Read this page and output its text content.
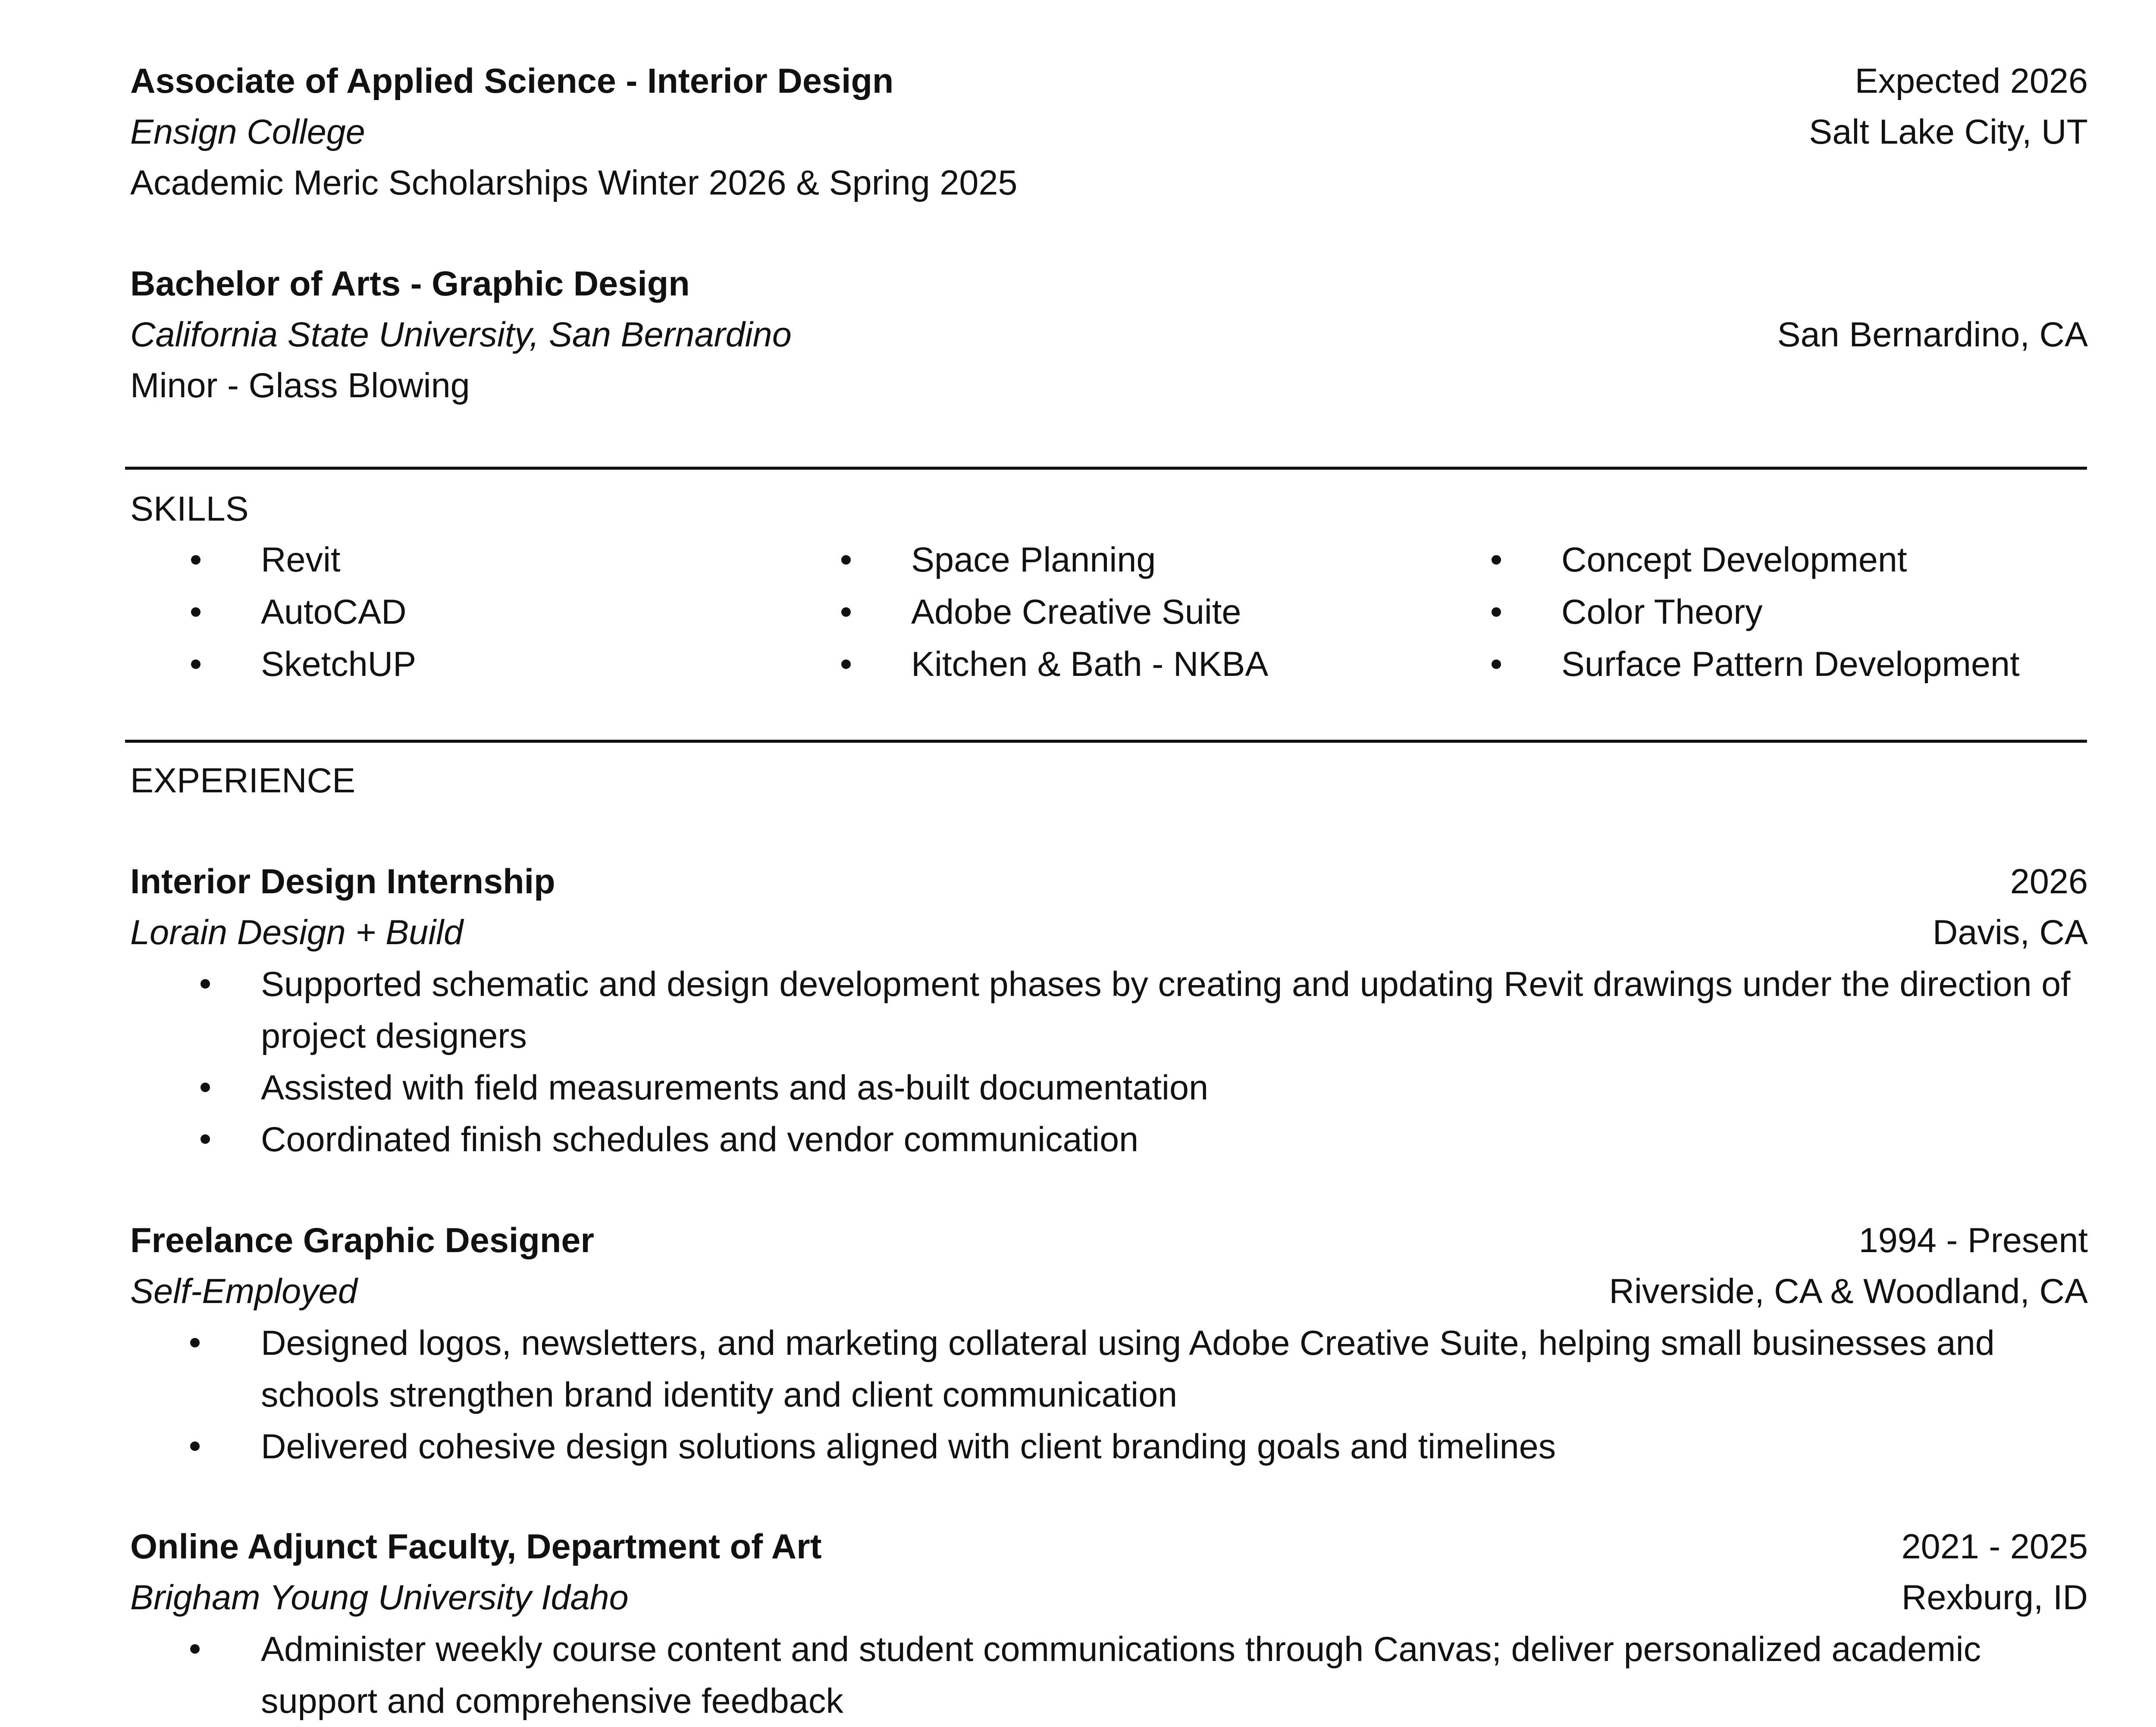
Associate of Applied Science - Interior Design	Expected 2026
Ensign College	Salt Lake City, UT
Academic Meric Scholarships Winter 2026 & Spring 2025
Bachelor of Arts - Graphic Design
California State University, San Bernardino	San Bernardino, CA
Minor - Glass Blowing
SKILLS
Revit
AutoCAD
SketchUP
Space Planning
Adobe Creative Suite
Kitchen & Bath - NKBA
Concept Development
Color Theory
Surface Pattern Development
EXPERIENCE
Interior Design Internship	2026
Lorain Design + Build	Davis, CA
Supported schematic and design development phases by creating and updating Revit drawings under the direction of project designers
Assisted with field measurements and as-built documentation
Coordinated finish schedules and vendor communication
Freelance Graphic Designer	1994 - Present
Self-Employed	Riverside, CA & Woodland, CA
Designed logos, newsletters, and marketing collateral using Adobe Creative Suite, helping small businesses and schools strengthen brand identity and client communication
Delivered cohesive design solutions aligned with client branding goals and timelines
Online Adjunct Faculty, Department of Art	2021 - 2025
Brigham Young University Idaho	Rexburg, ID
Administer weekly course content and student communications through Canvas; deliver personalized academic support and comprehensive feedback
